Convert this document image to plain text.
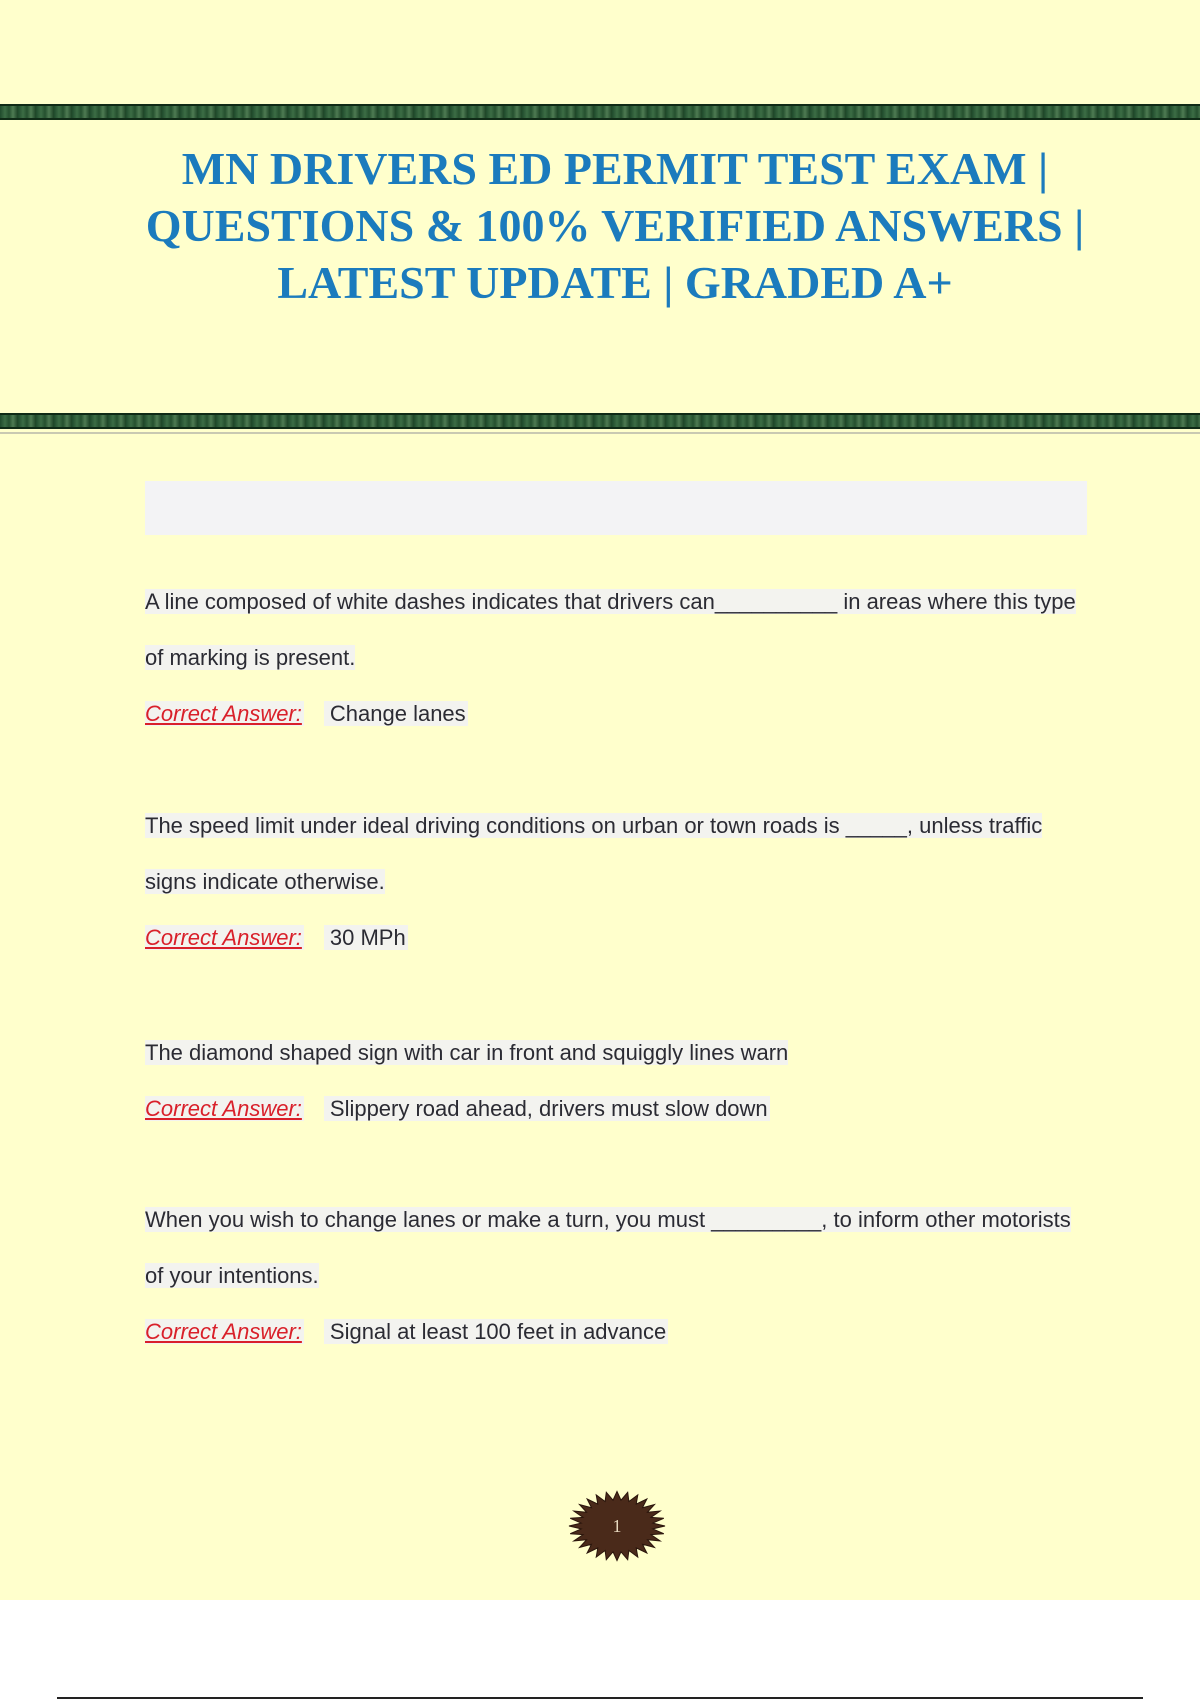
MN DRIVERS ED PERMIT TEST EXAM | QUESTIONS & 100% VERIFIED ANSWERS | LATEST UPDATE | GRADED A+

A line composed of white dashes indicates that drivers can__________ in areas where this type of marking is present.

Correct Answer: Change lanes

The speed limit under ideal driving conditions on urban or town roads is _____, unless traffic signs indicate otherwise.

Correct Answer: 30 MPh

The diamond shaped sign with car in front and squiggly lines warn

Correct Answer: Slippery road ahead, drivers must slow down

When you wish to change lanes or make a turn, you must _________, to inform other motorists of your intentions.

Correct Answer: Signal at least 100 feet in advance

1
